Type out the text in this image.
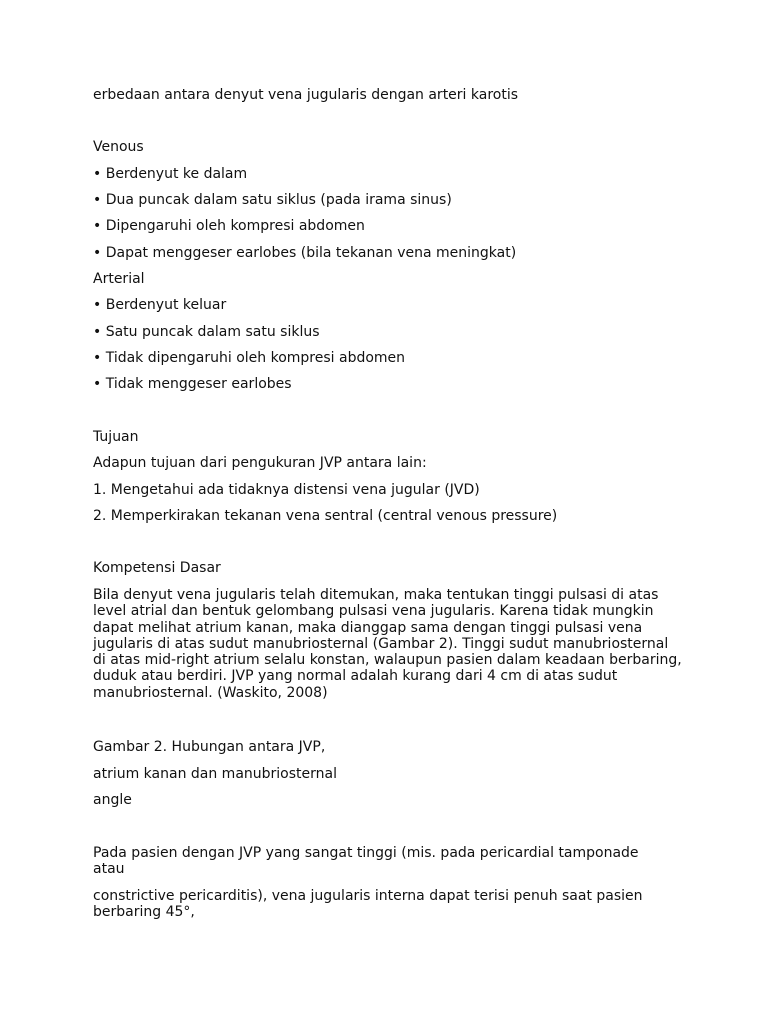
erbedaan antara denyut vena jugularis dengan arteri karotis

Venous

• Berdenyut ke dalam

• Dua puncak dalam satu siklus (pada irama sinus)

• Dipengaruhi oleh kompresi abdomen

• Dapat menggeser earlobes (bila tekanan vena meningkat)

Arterial

• Berdenyut keluar

• Satu puncak dalam satu siklus

• Tidak dipengaruhi oleh kompresi abdomen

• Tidak menggeser earlobes

Tujuan

Adapun tujuan dari pengukuran JVP antara lain:

1. Mengetahui ada tidaknya distensi vena jugular (JVD)

2. Memperkirakan tekanan vena sentral (central venous pressure)

Kompetensi Dasar

Bila denyut vena jugularis telah ditemukan, maka tentukan tinggi pulsasi di atas level atrial dan bentuk gelombang pulsasi vena jugularis. Karena tidak mungkin dapat melihat atrium kanan, maka dianggap sama dengan tinggi pulsasi vena jugularis di atas sudut manubriosternal (Gambar 2). Tinggi sudut manubriosternal di atas mid-right atrium selalu konstan, walaupun pasien dalam keadaan berbaring, duduk atau berdiri. JVP yang normal adalah kurang dari 4 cm di atas sudut manubriosternal. (Waskito, 2008)

Gambar 2. Hubungan antara JVP,

atrium kanan dan manubriosternal

angle

Pada pasien dengan JVP yang sangat tinggi (mis. pada pericardial tamponade atau

constrictive pericarditis), vena jugularis interna dapat terisi penuh saat pasien berbaring 45°,
